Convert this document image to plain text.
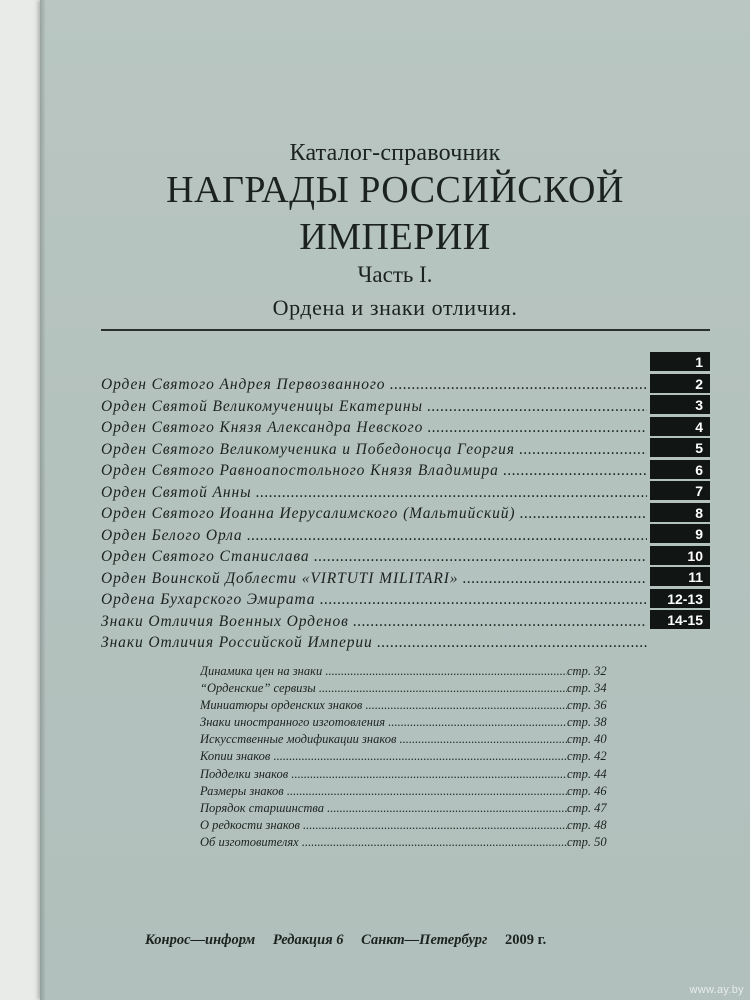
Каталог-справочник
НАГРАДЫ РОССИЙСКОЙ
ИМПЕРИИ
Часть I.
Ордена и знаки отличия.
1
Орден Святого Андрея Первозванного .....	2
Орден Святой Великомученицы Екатерины .....	3
Орден Святого Князя Александра Невского .....	4
Орден Святого Великомученика и Победоносца Георгия .....	5
Орден Святого Равноапостольного Князя Владимира .....	6
Орден Святой Анны .....	7
Орден Святого Иоанна Иерусалимского (Мальтийский) .....	8
Орден Белого Орла .....	9
Орден Святого Станислава .....	10
Орден Воинской Доблести «VIRTUTI MILITARI» .....	11
Ордена Бухарского Эмирата .....	12-13
Знаки Отличия Военных Орденов .....	14-15
Знаки Отличия Российской Империи .....
Динамика цен на знаки .....	стр. 32
“Орденские” сервизы .....	стр. 34
Миниатюры орденских знаков .....	стр. 36
Знаки иностранного изготовления .....	стр. 38
Искусственные модификации знаков .....	стр. 40
Копии знаков .....	стр. 42
Подделки знаков .....	стр. 44
Размеры знаков .....	стр. 46
Порядок старшинства .....	стр. 47
О редкости знаков .....	стр. 48
Об изготовителях .....	стр. 50
Конрос—информ Редакция 6 Санкт—Петербург 2009 г.
www.ay.by
